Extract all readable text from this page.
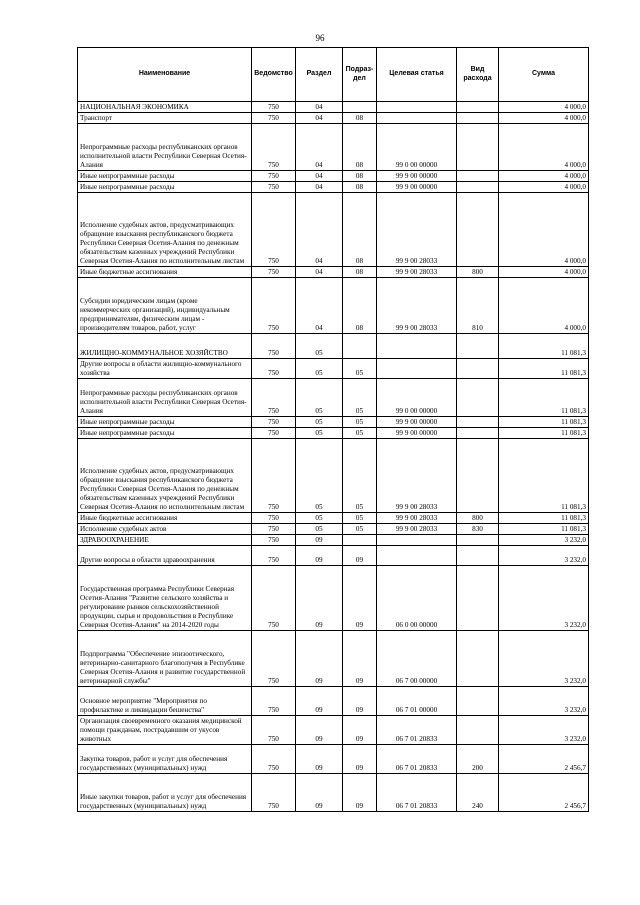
96
Наименование	Ведомство	Раздел	Подраз-дел	Целевая статья	Вид расхода	Сумма
НАЦИОНАЛЬНАЯ ЭКОНОМИКА	750	04				4 000,0
Транспорт	750	04	08			4 000,0
Непрограммные расходы республиканских органов исполнительной власти Республики Северная Осетия-Алания	750	04	08	99 0 00 00000		4 000,0
Иные непрограммные расходы	750	04	08	99 9 00 00000		4 000,0
Иные непрограммные расходы	750	04	08	99 9 00 00000		4 000,0
Исполнение судебных актов, предусматривающих обращение взыскания республиканского бюджета Республики Северная Осетия-Алания по денежным обязательствам казенных учреждений Республики Северная Осетия-Алания по исполнительным листам	750	04	08	99 9 00 28033		4 000,0
Иные бюджетные ассигнования	750	04	08	99 9 00 28033	800	4 000,0
Субсидии юридическим лицам (кроме некоммерческих организаций), индивидуальным предпринимателям, физическим лицам - производителям товаров, работ, услуг	750	04	08	99 9 00 28033	810	4 000,0
ЖИЛИЩНО-КОММУНАЛЬНОЕ ХОЗЯЙСТВО	750	05				11 081,3
Другие вопросы в области жилищно-коммунального хозяйства	750	05	05			11 081,3
Непрограммные расходы республиканских органов исполнительной власти Республики Северная Осетия-Алания	750	05	05	99 0 00 00000		11 081,3
Иные непрограммные расходы	750	05	05	99 9 00 00000		11 081,3
Иные непрограммные расходы	750	05	05	99 9 00 00000		11 081,3
Исполнение судебных актов, предусматривающих обращение взыскания республиканского бюджета Республики Северная Осетия-Алания по денежным обязательствам казенных учреждений Республики Северная Осетия-Алания по исполнительным листам	750	05	05	99 9 00 28033		11 081,3
Иные бюджетные ассигнования	750	05	05	99 9 00 28033	800	11 081,3
Исполнение судебных актов	750	05	05	99 9 00 28033	830	11 081,3
ЗДРАВООХРАНЕНИЕ	750	09				3 232,0
Другие вопросы в области здравоохранения	750	09	09			3 232,0
Государственная программа Республики Северная Осетия-Алания "Развитие сельского хозяйства и регулирование рынков сельскохозяйственной продукции, сырья и продовольствия в Республике Северная Осетия-Алания" на 2014-2020 годы	750	09	09	06 0 00 00000		3 232,0
Подпрограмма "Обеспечение эпизоотического, ветеринарно-санитарного благополучия в Республике Северная Осетия-Алания и развитие государственной ветеринарной службы"	750	09	09	06 7 00 00000		3 232,0
Основное мероприятие "Мероприятия по профилактике и ликвидации бешенства"	750	09	09	06 7 01 00000		3 232,0
Организация своевременного оказания медицинской помощи гражданам, пострадавшим от укусов животных	750	09	09	06 7 01 20833		3 232,0
Закупка товаров, работ и услуг для обеспечения государственных (муниципальных) нужд	750	09	09	06 7 01 20833	200	2 456,7
Иные закупки товаров, работ и услуг для обеспечения государственных (муниципальных) нужд	750	09	09	06 7 01 20833	240	2 456,7
